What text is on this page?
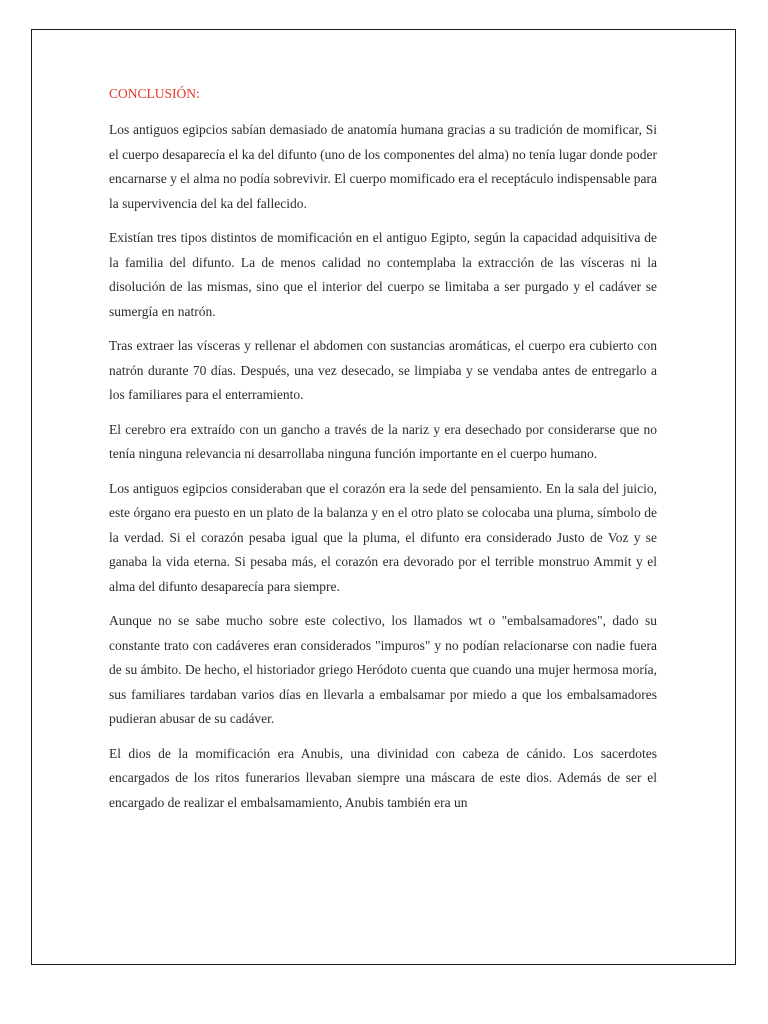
CONCLUSIÓN:

Los antiguos egipcios sabían demasiado de anatomía humana gracias a su tradición de momificar, Si el cuerpo desaparecía el ka del difunto (uno de los componentes del alma) no tenía lugar donde poder encarnarse y el alma no podía sobrevivir. El cuerpo momificado era el receptáculo indispensable para la supervivencia del ka del fallecido.

Existían tres tipos distintos de momificación en el antiguo Egipto, según la capacidad adquisitiva de la familia del difunto. La de menos calidad no contemplaba la extracción de las vísceras ni la disolución de las mismas, sino que el interior del cuerpo se limitaba a ser purgado y el cadáver se sumergía en natrón.

Tras extraer las vísceras y rellenar el abdomen con sustancias aromáticas, el cuerpo era cubierto con natrón durante 70 días. Después, una vez desecado, se limpiaba y se vendaba antes de entregarlo a los familiares para el enterramiento.

El cerebro era extraído con un gancho a través de la nariz y era desechado por considerarse que no tenía ninguna relevancia ni desarrollaba ninguna función importante en el cuerpo humano.

Los antiguos egipcios consideraban que el corazón era la sede del pensamiento. En la sala del juicio, este órgano era puesto en un plato de la balanza y en el otro plato se colocaba una pluma, símbolo de la verdad. Si el corazón pesaba igual que la pluma, el difunto era considerado Justo de Voz y se ganaba la vida eterna. Si pesaba más, el corazón era devorado por el terrible monstruo Ammit y el alma del difunto desaparecía para siempre.

Aunque no se sabe mucho sobre este colectivo, los llamados wt o "embalsamadores", dado su constante trato con cadáveres eran considerados "impuros" y no podían relacionarse con nadie fuera de su ámbito. De hecho, el historiador griego Heródoto cuenta que cuando una mujer hermosa moría, sus familiares tardaban varios días en llevarla a embalsamar por miedo a que los embalsamadores pudieran abusar de su cadáver.

El dios de la momificación era Anubis, una divinidad con cabeza de cánido. Los sacerdotes encargados de los ritos funerarios llevaban siempre una máscara de este dios. Además de ser el encargado de realizar el embalsamamiento, Anubis también era un
